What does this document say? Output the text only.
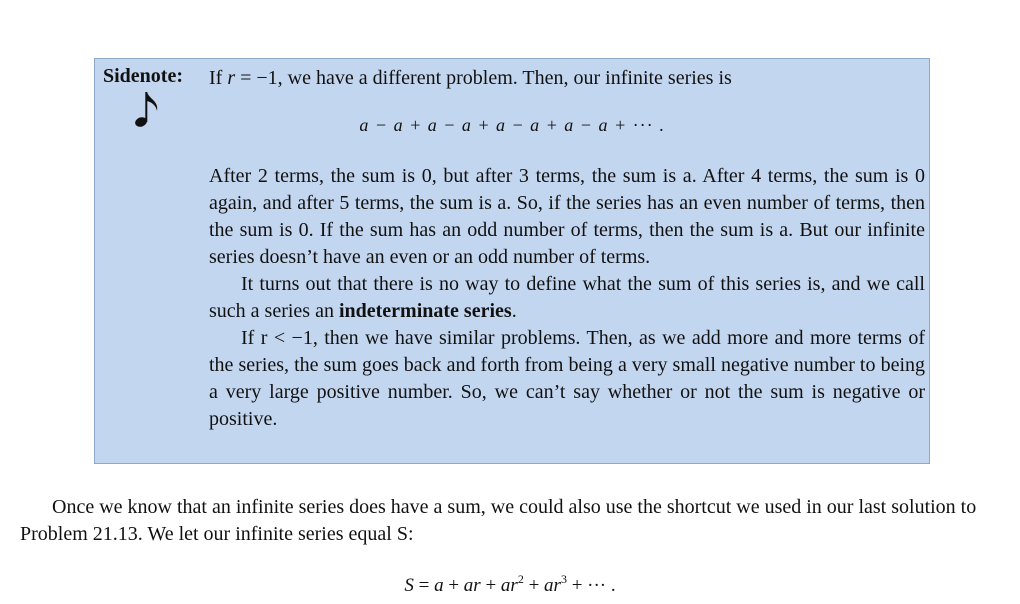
Sidenote: If r = −1, we have a different problem. Then, our infinite series is
a − a + a − a + a − a + a − a + ··· .
After 2 terms, the sum is 0, but after 3 terms, the sum is a. After 4 terms, the sum is 0 again, and after 5 terms, the sum is a. So, if the series has an even number of terms, then the sum is 0. If the sum has an odd number of terms, then the sum is a. But our infinite series doesn’t have an even or an odd number of terms.
It turns out that there is no way to define what the sum of this series is, and we call such a series an indeterminate series.
If r < −1, then we have similar problems. Then, as we add more and more terms of the series, the sum goes back and forth from being a very small negative number to being a very large positive number. So, we can’t say whether or not the sum is negative or positive.
Once we know that an infinite series does have a sum, we could also use the shortcut we used in our last solution to Problem 21.13. We let our infinite series equal S:
S = a + ar + $ar^2 + ar^3$ + ··· .
